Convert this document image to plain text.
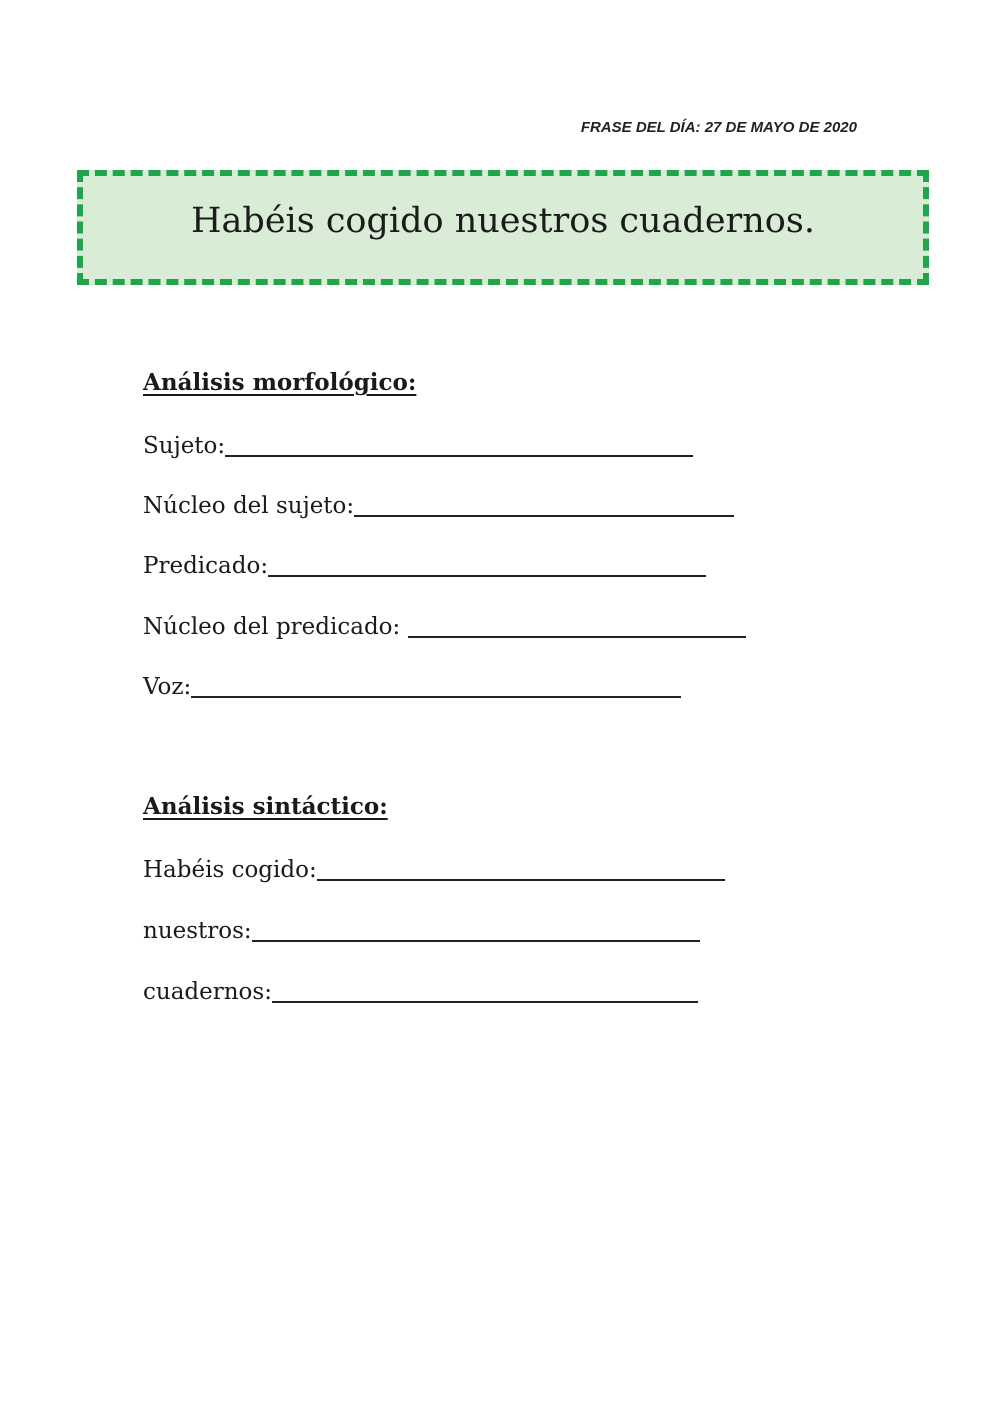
FRASE DEL DÍA: 27 DE MAYO DE 2020
Habéis cogido nuestros cuadernos.
Análisis morfológico:
Sujeto:
Núcleo del sujeto:
Predicado:
Núcleo del predicado:
Voz:
Análisis sintáctico:
Habéis cogido:
nuestros:
cuadernos:
